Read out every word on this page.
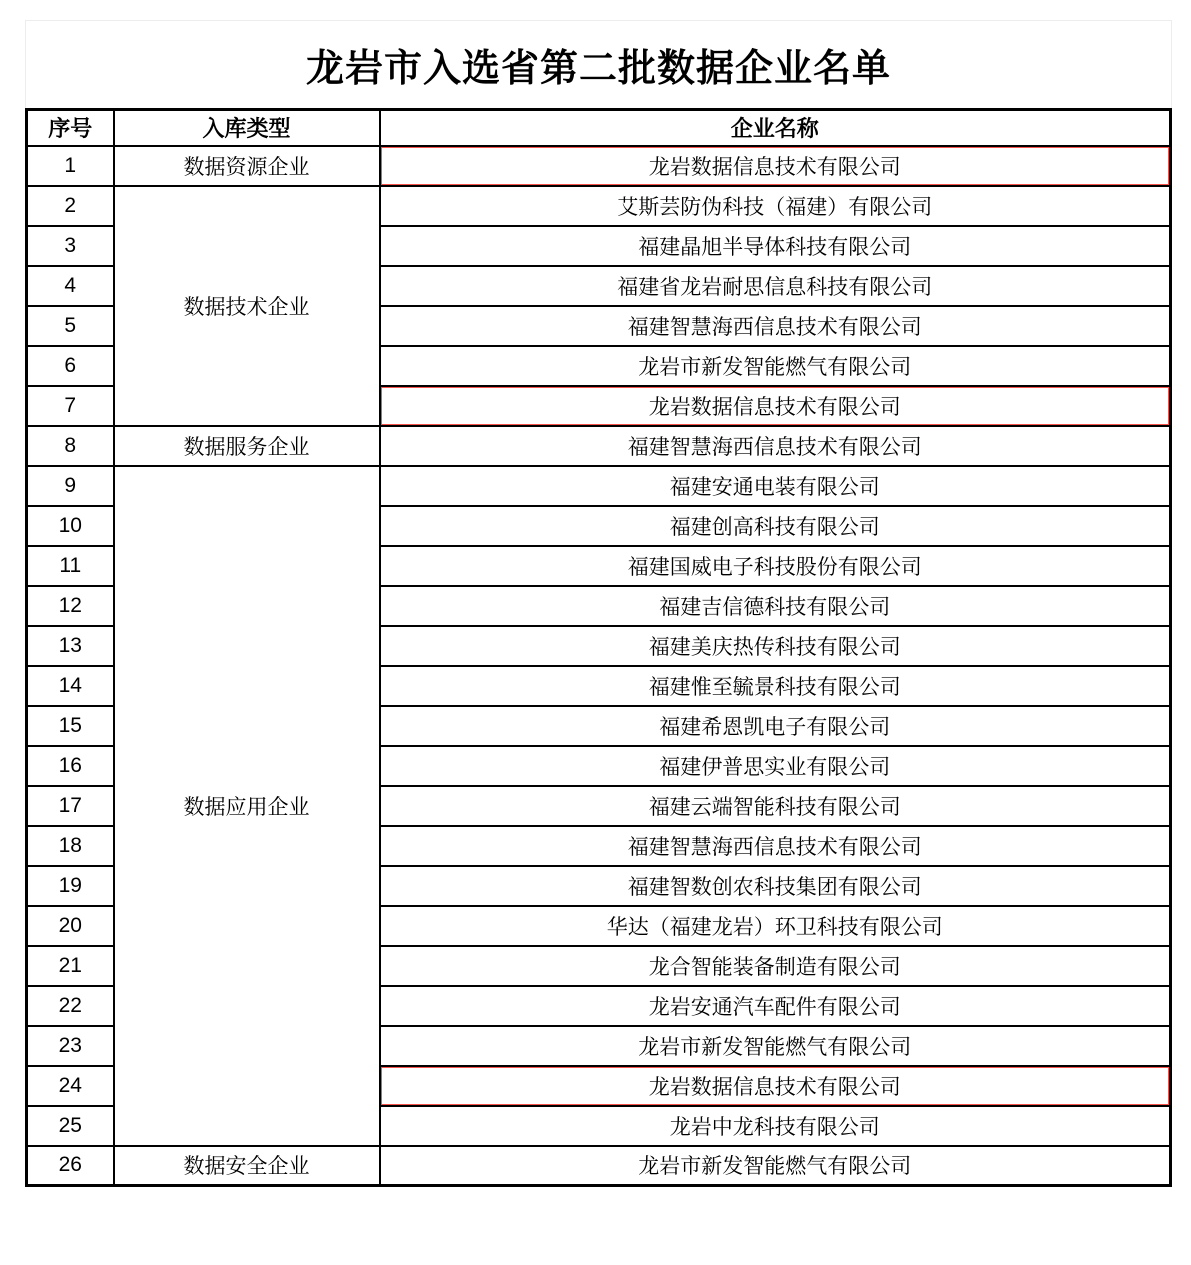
龙岩市入选省第二批数据企业名单
序号	入库类型	企业名称
1	数据资源企业	龙岩数据信息技术有限公司
2	数据技术企业	艾斯芸防伪科技（福建）有限公司
3		福建晶旭半导体科技有限公司
4		福建省龙岩耐思信息科技有限公司
5		福建智慧海西信息技术有限公司
6		龙岩市新发智能燃气有限公司
7		龙岩数据信息技术有限公司
8	数据服务企业	福建智慧海西信息技术有限公司
9	数据应用企业	福建安通电装有限公司
10		福建创高科技有限公司
11		福建国威电子科技股份有限公司
12		福建吉信德科技有限公司
13		福建美庆热传科技有限公司
14		福建惟至毓景科技有限公司
15		福建希恩凯电子有限公司
16		福建伊普思实业有限公司
17		福建云端智能科技有限公司
18		福建智慧海西信息技术有限公司
19		福建智数创农科技集团有限公司
20		华达（福建龙岩）环卫科技有限公司
21		龙合智能装备制造有限公司
22		龙岩安通汽车配件有限公司
23		龙岩市新发智能燃气有限公司
24		龙岩数据信息技术有限公司
25		龙岩中龙科技有限公司
26	数据安全企业	龙岩市新发智能燃气有限公司
